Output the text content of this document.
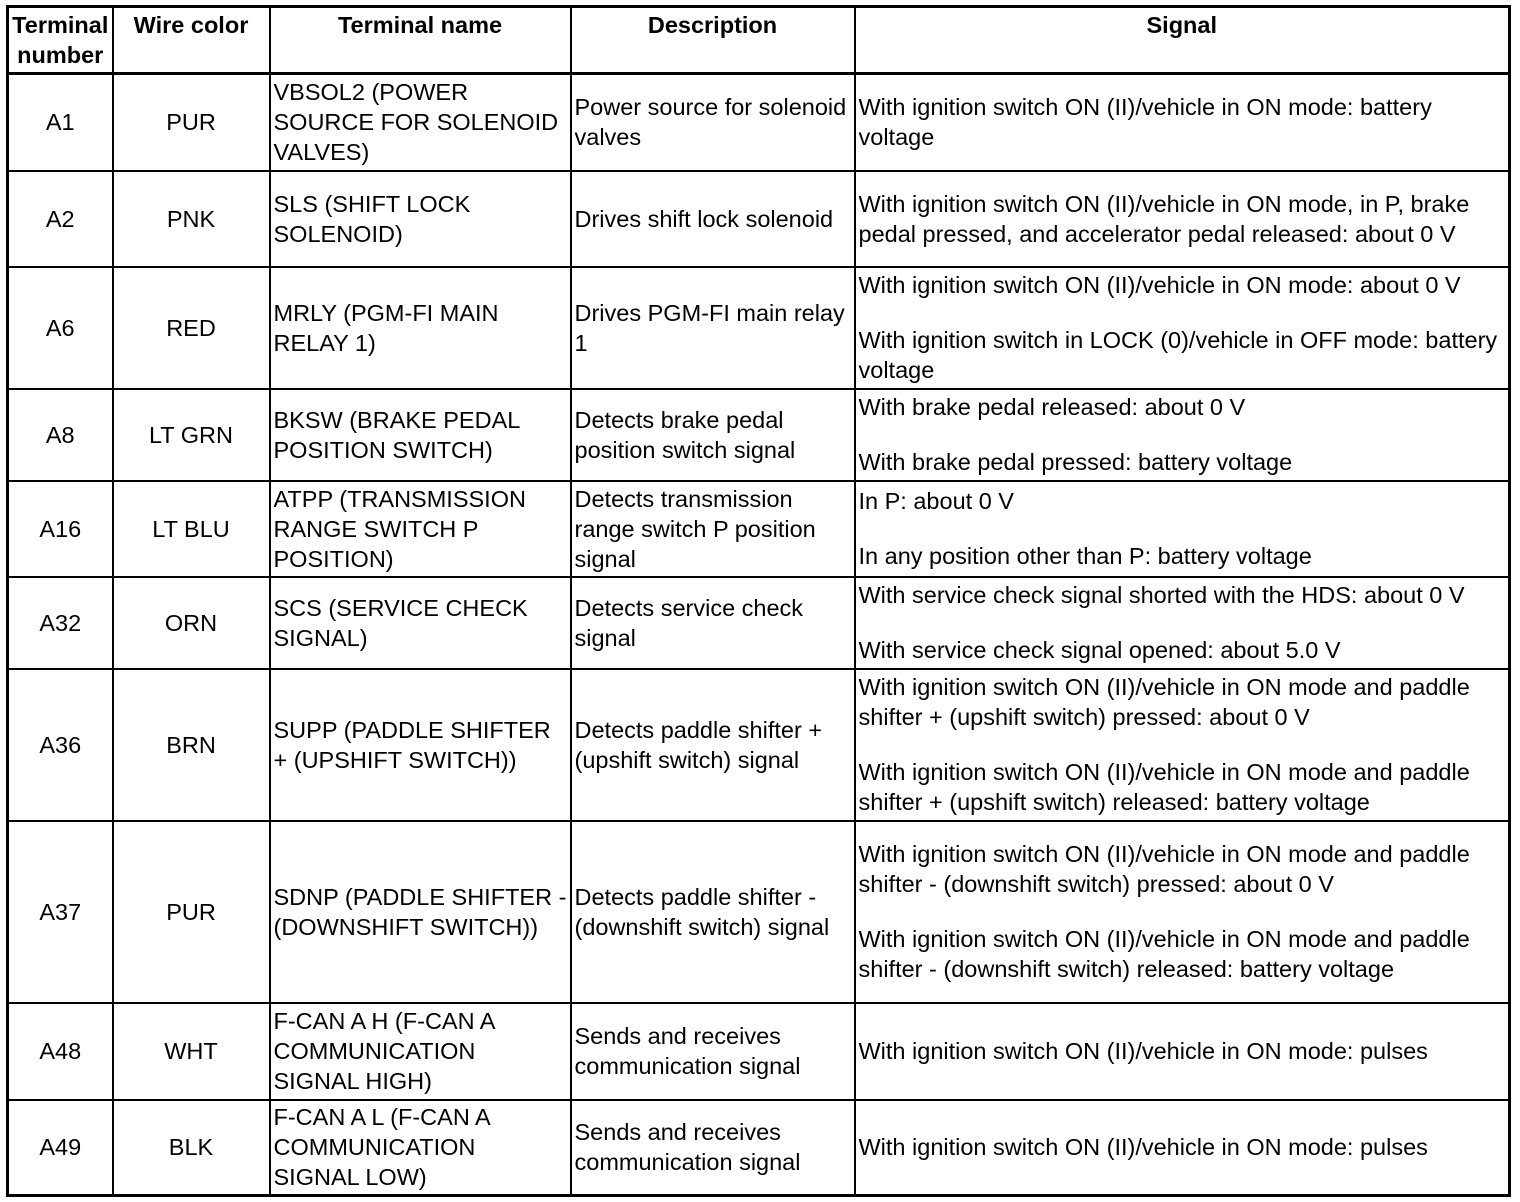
Terminal number	Wire color	Terminal name	Description	Signal
A1	PUR	VBSOL2 (POWER SOURCE FOR SOLENOID VALVES)	Power source for solenoid valves	With ignition switch ON (II)/vehicle in ON mode: battery voltage

A2	PNK	SLS (SHIFT LOCK SOLENOID)	Drives shift lock solenoid	With ignition switch ON (II)/vehicle in ON mode, in P, brake pedal pressed, and accelerator pedal released: about 0 V

A6	RED	MRLY (PGM-FI MAIN RELAY 1)	Drives PGM-FI main relay 1	With ignition switch ON (II)/vehicle in ON mode: about 0 V
With ignition switch in LOCK (0)/vehicle in OFF mode: battery voltage

A8	LT GRN	BKSW (BRAKE PEDAL POSITION SWITCH)	Detects brake pedal position switch signal	With brake pedal released: about 0 V
With brake pedal pressed: battery voltage

A16	LT BLU	ATPP (TRANSMISSION RANGE SWITCH P POSITION)	Detects transmission range switch P position signal	In P: about 0 V
In any position other than P: battery voltage

A32	ORN	SCS (SERVICE CHECK SIGNAL)	Detects service check signal	With service check signal shorted with the HDS: about 0 V
With service check signal opened: about 5.0 V

A36	BRN	SUPP (PADDLE SHIFTER + (UPSHIFT SWITCH))	Detects paddle shifter + (upshift switch) signal	With ignition switch ON (II)/vehicle in ON mode and paddle shifter + (upshift switch) pressed: about 0 V
With ignition switch ON (II)/vehicle in ON mode and paddle shifter + (upshift switch) released: battery voltage

A37	PUR	SDNP (PADDLE SHIFTER - (DOWNSHIFT SWITCH))	Detects paddle shifter - (downshift switch) signal	With ignition switch ON (II)/vehicle in ON mode and paddle shifter - (downshift switch) pressed: about 0 V
With ignition switch ON (II)/vehicle in ON mode and paddle shifter - (downshift switch) released: battery voltage

A48	WHT	F-CAN A H (F-CAN A COMMUNICATION SIGNAL HIGH)	Sends and receives communication signal	With ignition switch ON (II)/vehicle in ON mode: pulses

A49	BLK	F-CAN A L (F-CAN A COMMUNICATION SIGNAL LOW)	Sends and receives communication signal	With ignition switch ON (II)/vehicle in ON mode: pulses
